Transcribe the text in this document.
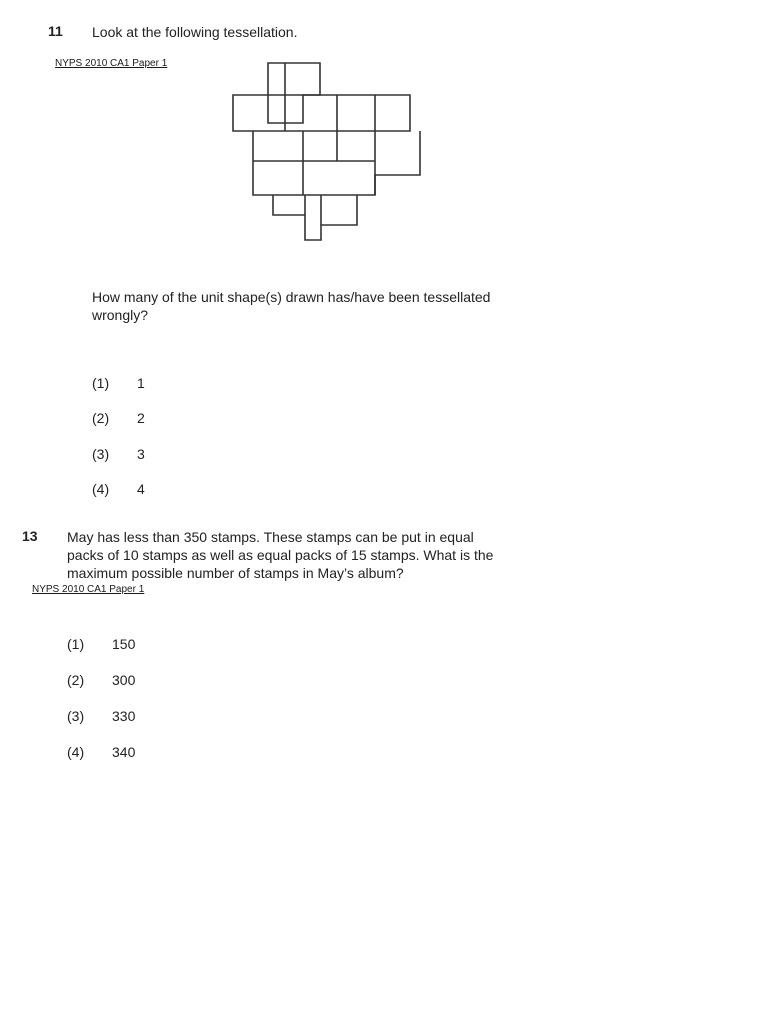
11 Look at the following tessellation.
NYPS 2010 CA1 Paper 1
How many of the unit shape(s) drawn has/have been tessellated wrongly?
(1) 1
(2) 2
(3) 3
(4) 4
13 May has less than 350 stamps. These stamps can be put in equal
packs of 10 stamps as well as equal packs of 15 stamps. What is the
maximum possible number of stamps in May’s album?
NYPS 2010 CA1 Paper 1
(1) 150
(2) 300
(3) 330
(4) 340
